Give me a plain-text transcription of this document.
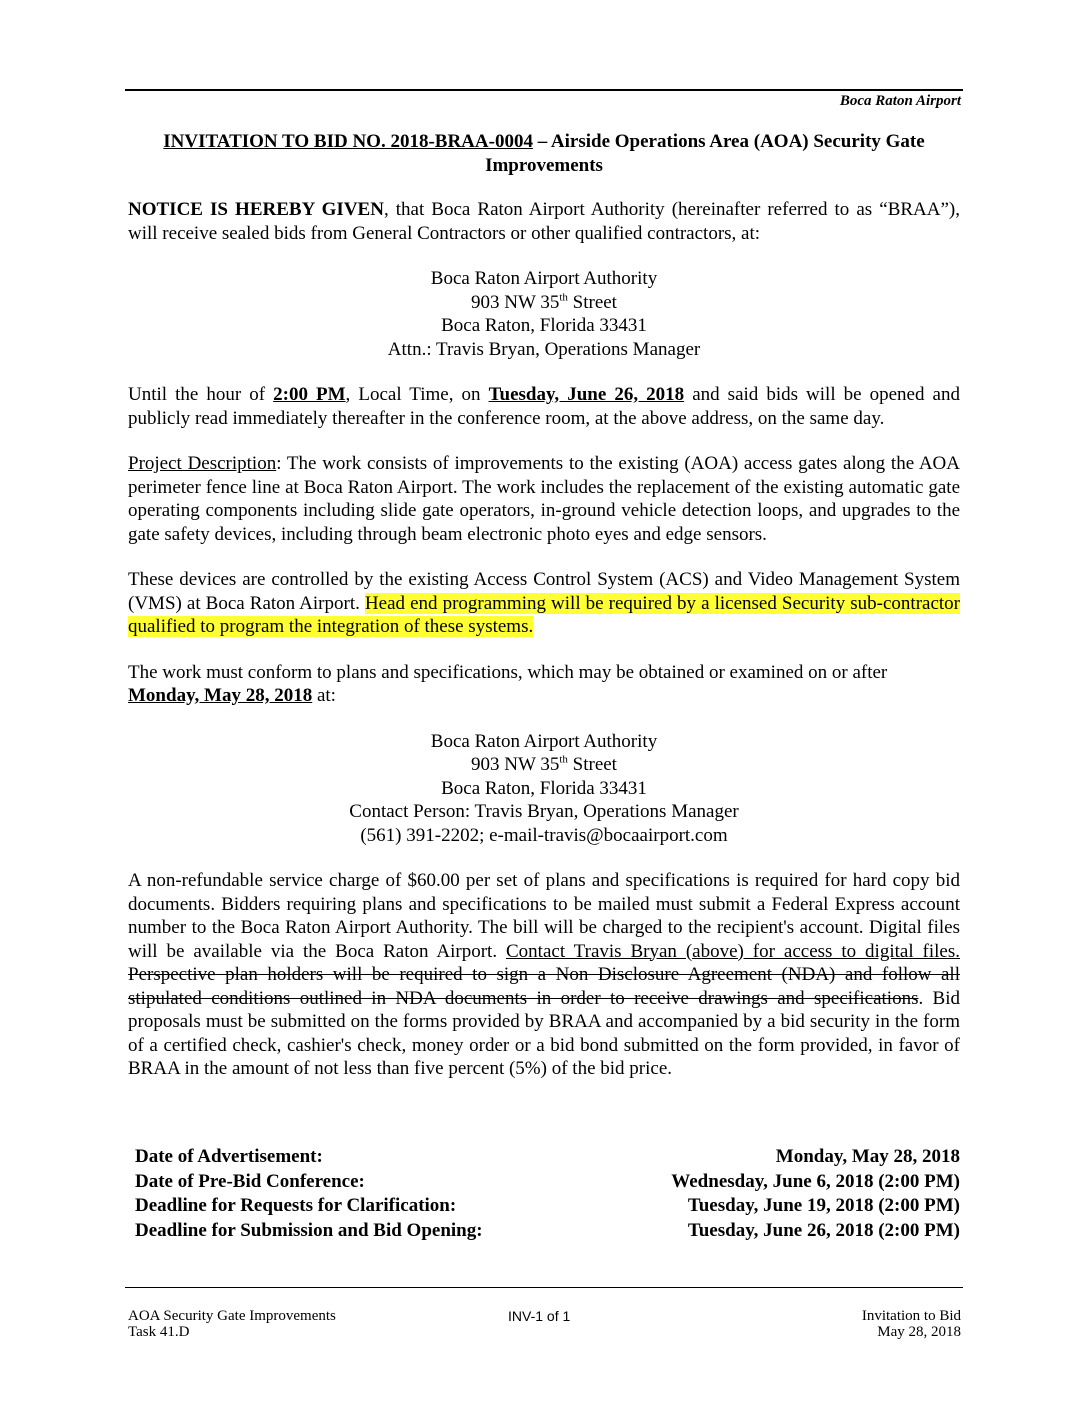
Boca Raton Airport
INVITATION TO BID NO. 2018-BRAA-0004 – Airside Operations Area (AOA) Security Gate Improvements

NOTICE IS HEREBY GIVEN, that Boca Raton Airport Authority (hereinafter referred to as “BRAA”), will receive sealed bids from General Contractors or other qualified contractors, at:

Boca Raton Airport Authority
903 NW 35th Street
Boca Raton, Florida 33431
Attn.: Travis Bryan, Operations Manager

Until the hour of 2:00 PM, Local Time, on Tuesday, June 26, 2018 and said bids will be opened and publicly read immediately thereafter in the conference room, at the above address, on the same day.

Project Description: The work consists of improvements to the existing (AOA) access gates along the AOA perimeter fence line at Boca Raton Airport. The work includes the replacement of the existing automatic gate operating components including slide gate operators, in-ground vehicle detection loops, and upgrades to the gate safety devices, including through beam electronic photo eyes and edge sensors.

These devices are controlled by the existing Access Control System (ACS) and Video Management System (VMS) at Boca Raton Airport. Head end programming will be required by a licensed Security sub-contractor qualified to program the integration of these systems.

The work must conform to plans and specifications, which may be obtained or examined on or after Monday, May 28, 2018 at:

Boca Raton Airport Authority
903 NW 35th Street
Boca Raton, Florida 33431
Contact Person: Travis Bryan, Operations Manager
(561) 391-2202; e-mail-travis@bocaairport.com

A non-refundable service charge of $60.00 per set of plans and specifications is required for hard copy bid documents. Bidders requiring plans and specifications to be mailed must submit a Federal Express account number to the Boca Raton Airport Authority. The bill will be charged to the recipient's account. Digital files will be available via the Boca Raton Airport. Contact Travis Bryan (above) for access to digital files. Perspective plan holders will be required to sign a Non Disclosure Agreement (NDA) and follow all stipulated conditions outlined in NDA documents in order to receive drawings and specifications. Bid proposals must be submitted on the forms provided by BRAA and accompanied by a bid security in the form of a certified check, cashier's check, money order or a bid bond submitted on the form provided, in favor of BRAA in the amount of not less than five percent (5%) of the bid price.

Date of Advertisement:	Monday, May 28, 2018
Date of Pre-Bid Conference:	Wednesday, June 6, 2018 (2:00 PM)
Deadline for Requests for Clarification:	Tuesday, June 19, 2018 (2:00 PM)
Deadline for Submission and Bid Opening:	Tuesday, June 26, 2018 (2:00 PM)
AOA Security Gate Improvements
Task 41.D
INV-1 of 1	Invitation to Bid
May 28, 2018
